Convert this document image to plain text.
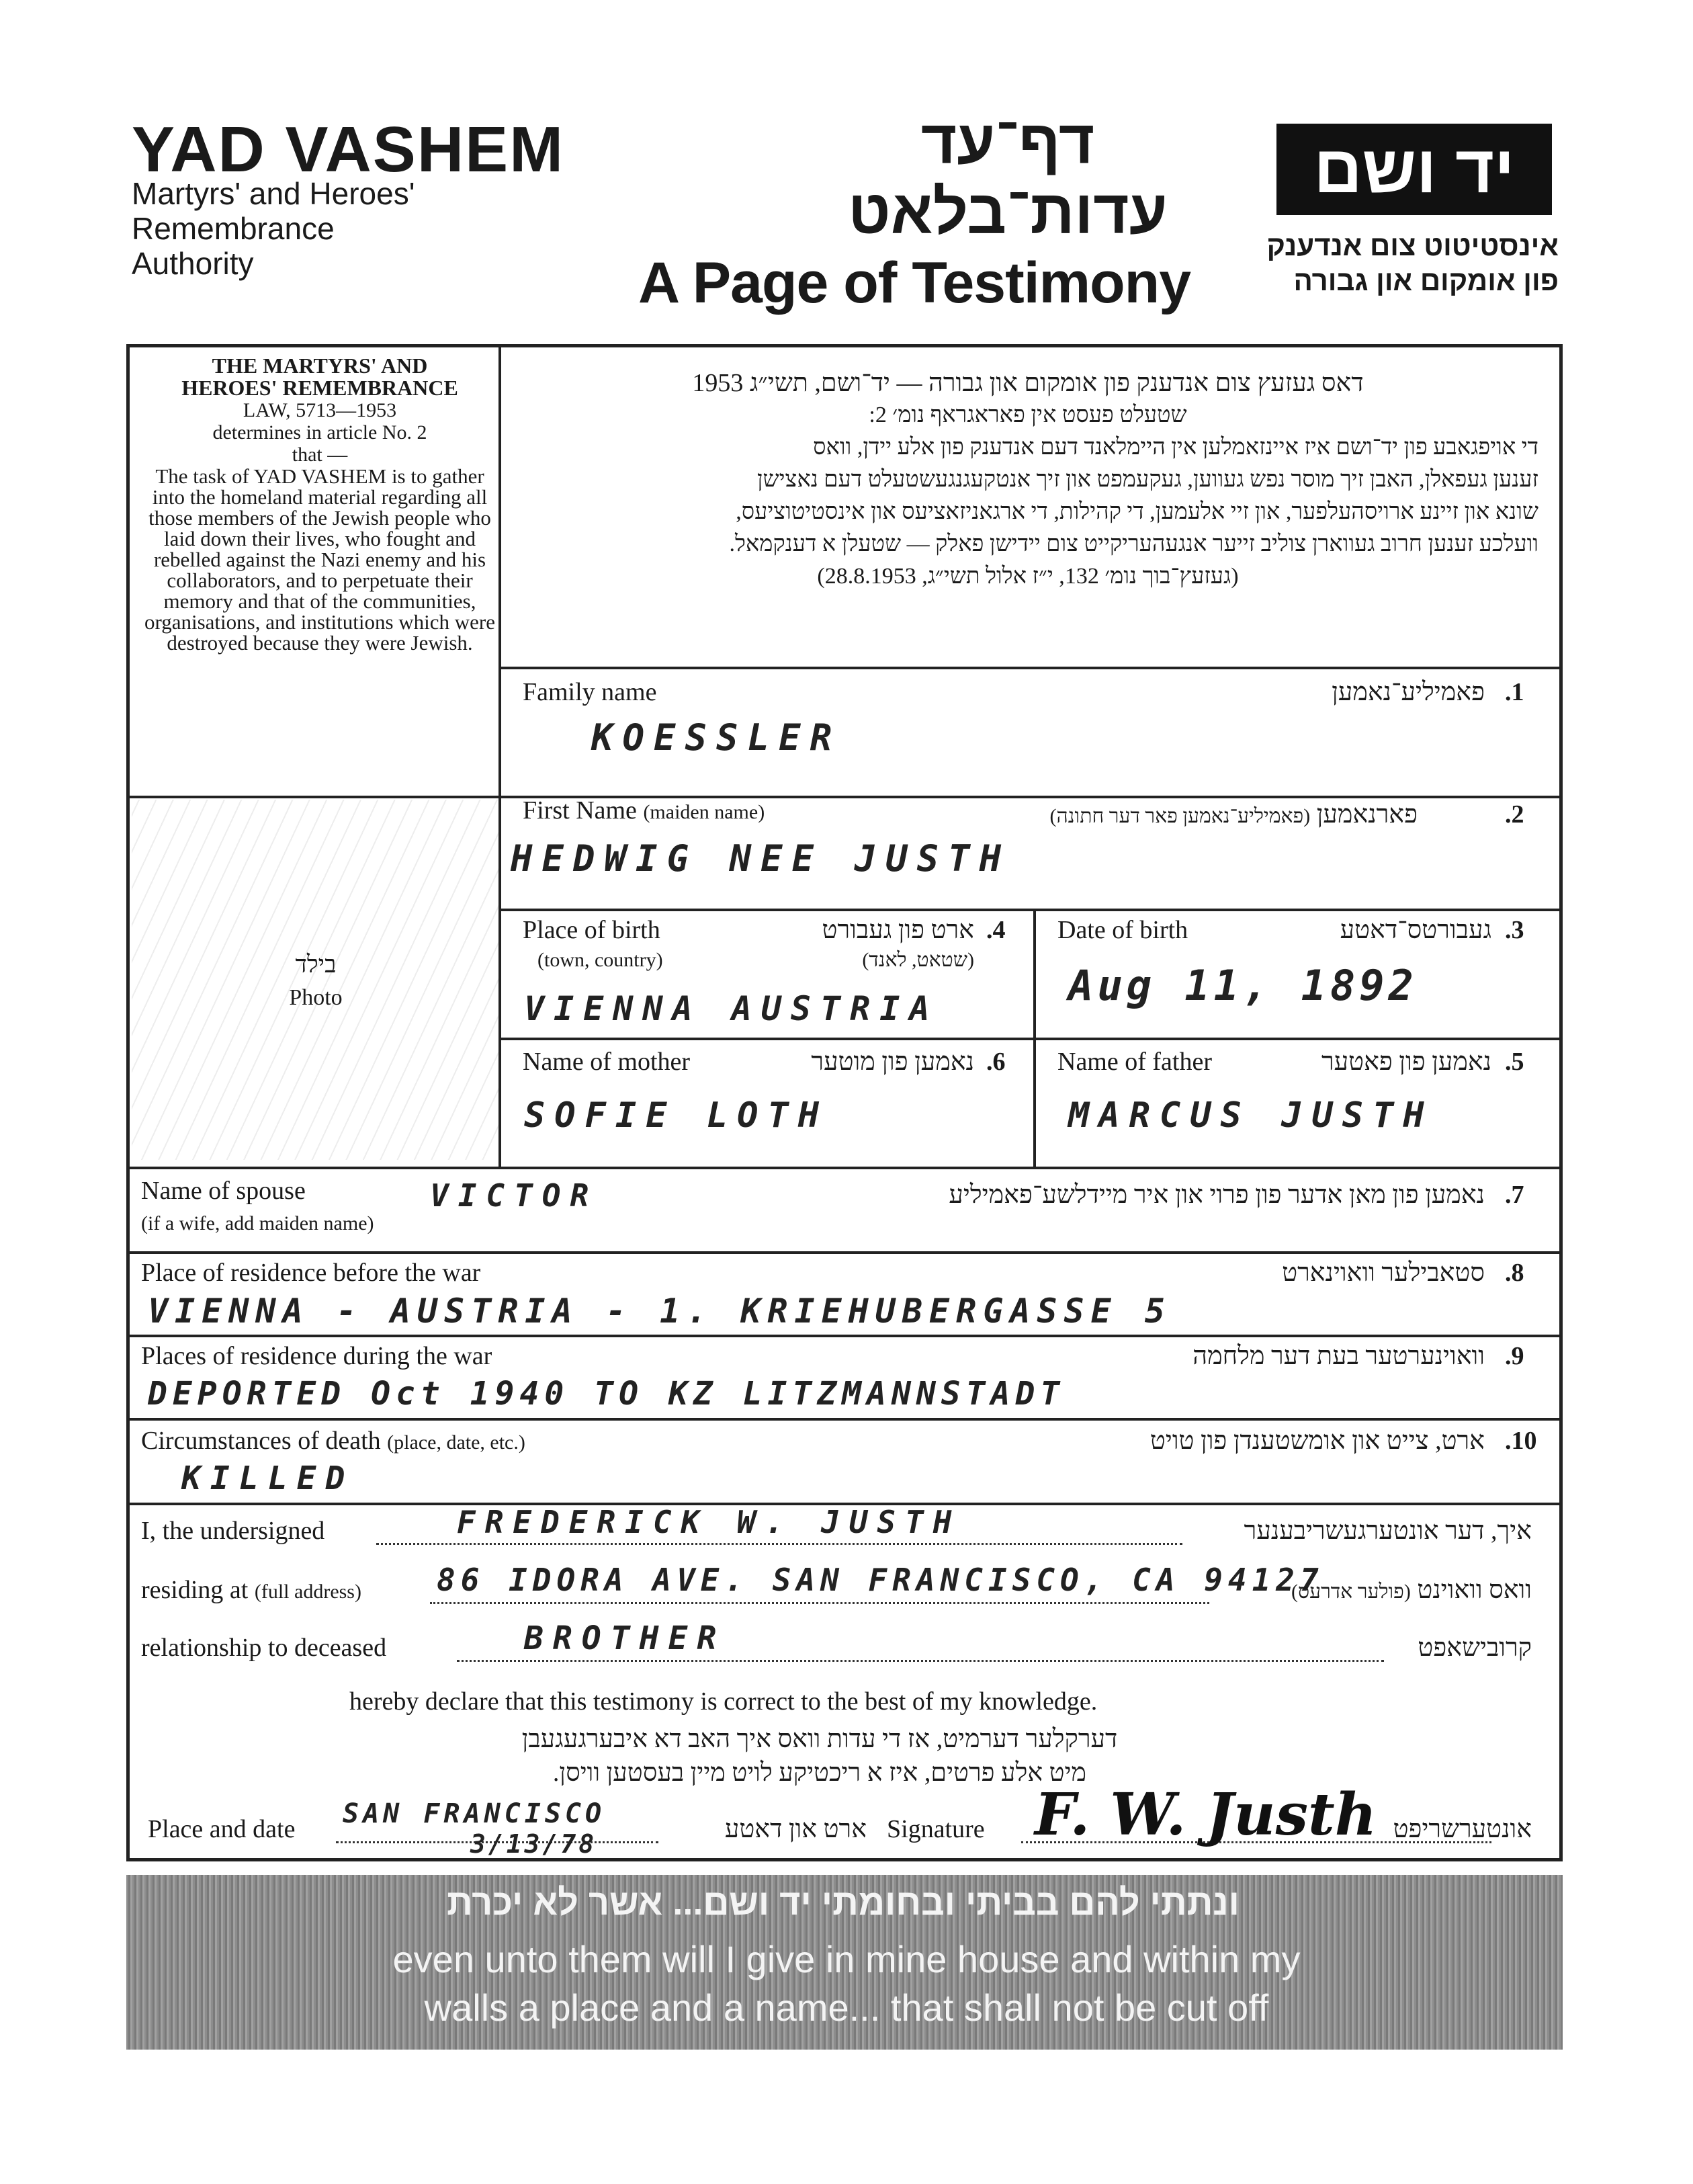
YAD VASHEM
Martyrs' and Heroes'
Remembrance
Authority
דף־עד
עדות־בלאט
A Page of Testimony
יד ושם
אינסטיטוט צום אנדענק
פון אומקום און גבורה
THE MARTYRS' AND
HEROES' REMEMBRANCE
LAW, 5713—1953
determines in article No. 2
that —
The task of YAD VASHEM is to gather into the homeland material regarding all those members of the Jewish people who laid down their lives, who fought and rebelled against the Nazi enemy and his collaborators, and to perpetuate their memory and that of the communities, organisations, and institutions which were destroyed because they were Jewish.
בילד
Photo
דאס געזעץ צום אנדענק פון אומקום און גבורה — יד־ושם, תשי״ג 1953
שטעלט פעסט אין פאראגראף נומ׳ 2:
די אויפגאבע פון יד־ושם איז איינזאמלען אין היימלאנד דעם אנדענק פון אלע יידן, וואס
זענען געפאלן, האבן זיך מוסר נפש געווען, געקעמפט און זיך אנטקעגנגעשטעלט דעם נאצישן
שונא און זיינע ארויסהעלפער, און זיי אלעמען, די קהילות, די ארגאניזאציעס און אינסטיטוציעס,
וועלכע זענען חרוב געווארן צוליב זייער אנגעהעריקייט צום יידישן פאלק — שטעלן א דענקמאל.
(געזעץ־בוך נומ׳ 132, י״ז אלול תשי״ג, 28.8.1953)
Family name	פאמיליע־נאמען .1
KOESSLER
First Name (maiden name)	פארנאמען (פאמיליע־נאמען פאר דער חתונה)	.2
HEDWIG NEE JUSTH
Place of birth
(town, country)
ארט פון געבורט
(שטאט, לאנד)
.4
VIENNA AUSTRIA
Date of birth	געבורטס־דאטע .3
Aug 11, 1892
Name of mother	נאמען פון מוטער .6
SOFIE LOTH
Name of father	נאמען פון פאטער .5
MARCUS JUSTH
Name of spouse
(if a wife, add maiden name)
VICTOR	נאמען פון מאן אדער פון פרוי און איר מיידלשע־פאמיליע .7
Place of residence before the war	סטאבילער וואוינארט .8
VIENNA - AUSTRIA - 1. KRIEHUBERGASSE 5
Places of residence during the war	וואוינערטער בעת דער מלחמה .9
DEPORTED Oct 1940 TO KZ LITZMANNSTADT
Circumstances of death (place, date, etc.)	ארט, צייט און אומשטענדן פון טויט .10
KILLED
I, the undersigned	FREDERICK W. JUSTH	איך, דער אונטערגעשריבענער
residing at (full address) 86 IDORA AVE. SAN FRANCISCO, CA 94127	וואס וואוינט (פולער אדרעס)
relationship to deceased	BROTHER	קרובישאפט
hereby declare that this testimony is correct to the best of my knowledge.
דערקלער דערמיט, אז די עדות וואס איך האב דא איבערגעגעבן
מיט אלע פרטים, איז א ריכטיקע לויט מיין בעסטען וויסן.
Place and date SAN FRANCISCO
3/13/78	ארט און דאטע Signature F. W. Justh אונטערשריפט
ונתתי להם בביתי ובחומתי יד ושם... אשר לא יכרת
even unto them will I give in mine house and within my
walls a place and a name... that shall not be cut off
